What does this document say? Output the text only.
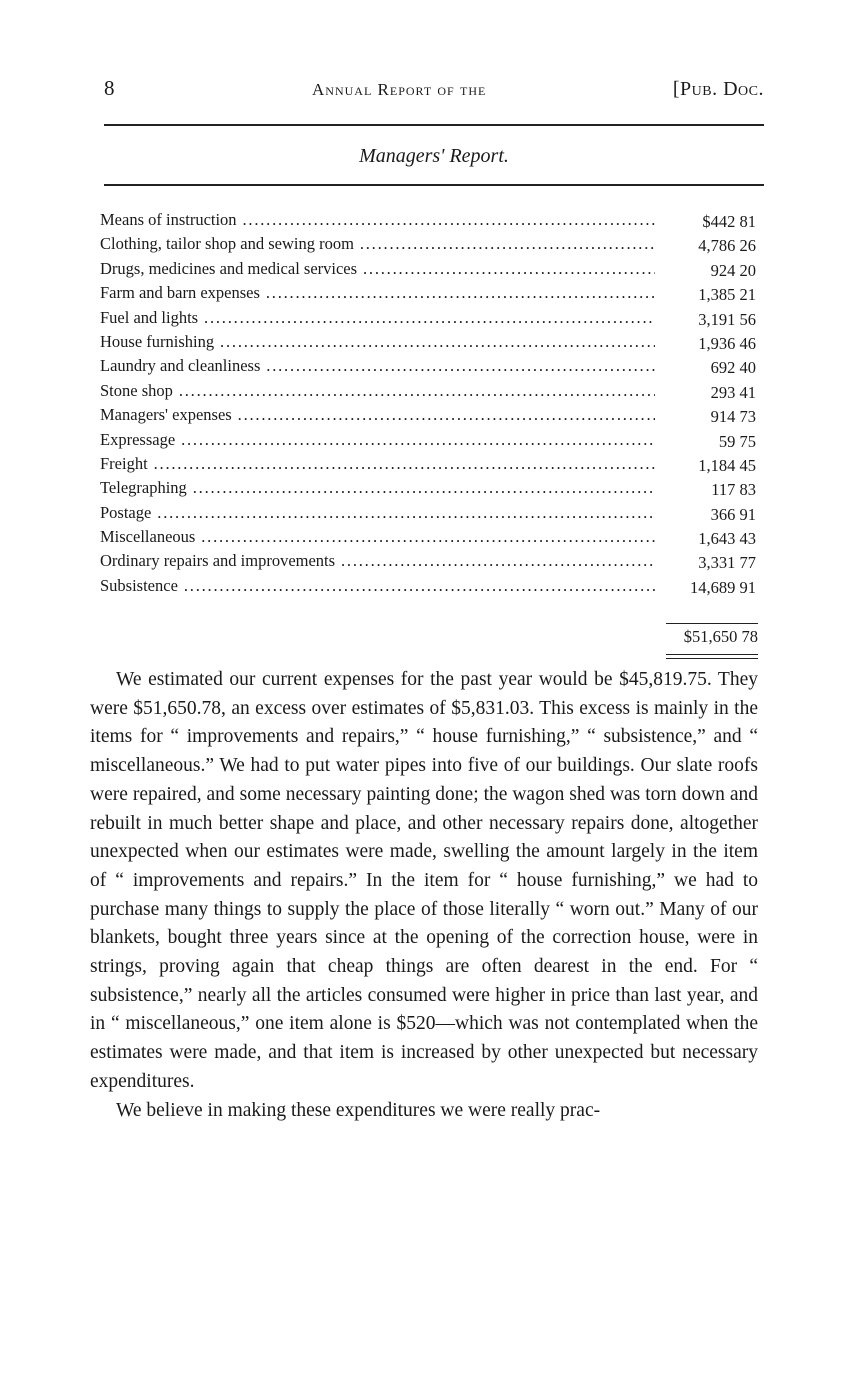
8	Annual Report of the	[Pub. Doc.
Managers' Report.
Means of instruction .....	$442 81
Clothing, tailor shop and sewing room .....	4,786 26
Drugs, medicines and medical services .....	924 20
Farm and barn expenses .....	1,385 21
Fuel and lights .....	3,191 56
House furnishing .....	1,936 46
Laundry and cleanliness .....	692 40
Stone shop .....	293 41
Managers' expenses .....	914 73
Expressage .....	59 75
Freight .....	1,184 45
Telegraphing .....	117 83
Postage .....	366 91
Miscellaneous .....	1,643 43
Ordinary repairs and improvements .....	3,331 77
Subsistence .....	14,689 91
$51,650 78

We estimated our current expenses for the past year would be $45,819.75. They were $51,650.78, an excess over estimates of $5,831.03. This excess is mainly in the items for “ improvements and repairs,” “ house furnishing,” “ subsistence,” and “ miscellaneous.” We had to put water pipes into five of our buildings. Our slate roofs were repaired, and some necessary painting done; the wagon shed was torn down and rebuilt in much better shape and place, and other necessary repairs done, altogether unexpected when our estimates were made, swelling the amount largely in the item of “ improvements and repairs.” In the item for “ house furnishing,” we had to purchase many things to supply the place of those literally “ worn out.” Many of our blankets, bought three years since at the opening of the correction house, were in strings, proving again that cheap things are often dearest in the end. For “ subsistence,” nearly all the articles consumed were higher in price than last year, and in “ miscellaneous,” one item alone is $520—which was not contemplated when the estimates were made, and that item is increased by other unexpected but necessary expenditures.

We believe in making these expenditures we were really prac-
